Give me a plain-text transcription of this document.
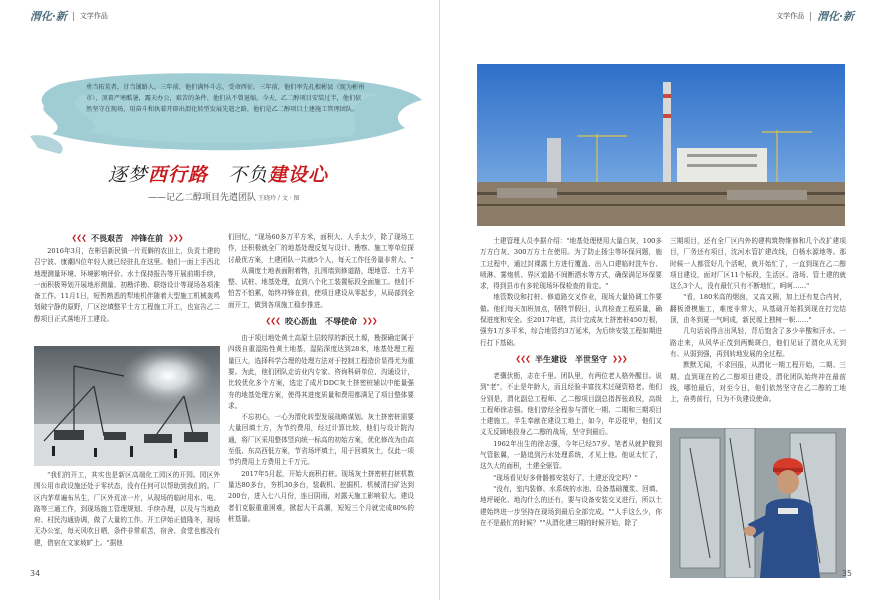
渭化·新 文学作品
勇当拓荒者，甘当铺路人。三年前，他们满怀斗志，受命西征。三年前，他们率先扎根彬县（现为彬州市），顶着严寒酷暑，露天办公，艰苦的条件、他们从不曾退缩。今天，乙二醇项目安装过半，他们依然坚守在现场，用奋斗和执着开辟出渭化转型发展先遣之路，他们是乙二醇项目土建施工管理团队。
逐梦西行路　不负建设心
——记乙二醇项目先遣团队 王晓玲 / 文 · 图
❮❮❮ 不畏艰苦　冲锋在前 ❯❯❯

2016年3月，在彬县新民镇一片荒僻的农田上，负责土建的召宁波、康潮四位年轻人就已经驻扎在这里。他们一面上手西北地理测量环境、环境影响评价、水土保持报告等开展前期手续，一面积极筹划开展地形测量、初勘详勘、联络设计等现场各项准备工作。11月1日，短暂熟悉的犁地机伴随着大型施工机械轰鸣划破宁静的原野，厂区挖填整平土方工程施工开工，也宣告乙二醇项目正式落地开工建设。

"我们的开工，其实也是新区高端化工园区的开园。园区外围公用市政设施还处于零状态，没有任何可以帮助到我们的。厂区内茅草遍布丛生，厂区外荒凉一片，从现场的临时用水、电、路等三通工作，到现场施工管理规划、手续办理，以及与当地政府、村民沟通协调，做了大量的工作。开工伊始正值隆冬，现场无办公室，每天风吹日晒，条件非常艰苦，宿舍、食堂也都没有建，借宿在文家坡旷上。"据他

们回忆，"现场60多万平方米，面积大、人手太少，除了现场工作，还积极就全厂的地基处理反复与设计、勘察、施工等单位探讨最优方案，土建团队一共就5个人，每天工作任务量非常大。"

从调度土地表面附着物，扎围墙到修道路，理地管、土方平整、试桩、地基处理，直到八个化工装置标段全面施工。他们不怕苦不怕累，始终冲锋在前，使项目建设从零起步，从局部到全面开工，做到各项施工稳步推进。

❮❮❮ 咬心沥血　不辱使命 ❯❯❯

由于项目地处黄土高原土层较厚的新民土塬，勘探确定属于四级自重湿陷性黄土地基，湿陷深度达到28米，地基处理工程量巨大，选择科学合理的处理方法对于控制工程造价显得尤为重要。为此，他们团队走访业内专家、咨询科研单位、沟通设计，比较优化多个方案，选定了成片DDC灰土挤密桩辅以中能量强夯的地基处理方案，使得其进度质量和费用都满足了项目整体要求。

不忘初心，一心为渭化转型发展战略谋划。灰土挤密桩需要大量回填土方，为节约费用，经过计算比较，他们与设计院沟通，将厂区采用整体竖向统一标高的初始方案，优化修改为由高至低、东高西低方案，节省场坪填土，用于回填灰土，仅此一项节约费用上方费用上千万元。

2017年5月起，开始大面积打桩。现场灰土挤密桩打桩机数量达80多台，夯机30多台，装载机、挖掘机、机械清扫矿达到200台，进入七八月份，连日阴雨，对露天施工影响很大。建设者们克服重重困难，掀起大干高潮，短短三个月就完成80%的桩基量。

34
文学作品 渭化·新

土建管理人员李据介绍："地基处理使用大量白灰，100多万方白灰、300万方土在使用。为了防止扬尘等环保问题，施工过程中，通过封裸露土方进行覆盖、出入口建临时洗车台、喷淋、雾炮机、界区道路不间断洒水等方式，确保满足环保要求，得到县市有多轮现场环保检查的肯定。"

地管数设和打桩、修道路交叉作业，现场大量协调工作要做。他们每天加班加点，牺牲节假日，认真检查工程质量，确保进度和安全。至2017年底，共计完成灰土挤密桩450万根，强夯1万多平米，综合地管约3万延米，为后续安装工程如期进行打下基础。

❮❮❮ 半生建设　半世坚守 ❯❯❯

老骥伏枥，志在千里。团队里，有两位老人格外醒目。说到"老"，不止是年龄大，而且经验丰富技术过硬资格老。他们分别是，渭化副总工程师、乙二醇项目副总指挥张政权，高级工程师徐志强。他们曾经全程参与渭化一期、二期和三期项目土建施工，半生奉献在建设工地上，如今，年迈花甲，他们又义无反顾地投身乙二醇的战场，坚守到最后。

1962年出生的徐志强，今年已经57岁。笔者从就护腹到气管胀翼，一路追到污水处理系统，才见上他。他说太忙了，这久大的面积，土建全驱管。

"现场看见好多骨骼都安装好了，土建还没完吗？"

"没有，室内装修、水系统的水池、设备基础覆浆、回填、地坪硬化、地沟什么的还有，要与设备安装交叉进行，所以土建始终进一步坚持在现场到最后全部完成。""人手这么少，你在不是最忙的时候？""从渭化建三期的时候开始，除了

三期项目，还有全厂区内外的建构筑物维修和几个改扩建项目，厂务还有项目，沈河水管扩建改线，白杨水源地等。那时候一人都管好几个活呢，就开始忙了，一直到现在乙二醇项目建设，面对厂区11个标段，生活区、洛场、管土建的就这么3个人，没有最忙只有不断地忙，呵呵……"

"看，180米高的烟囱，又高又圆，加上还有复合内衬，翻板滑模施工，难度非常大，从基础开始抓到现在打完结顶，由冬到夏一气呵成，新民塬上独树一帜……"

几句话说得言出风轻，背后饱含了多少辛酸和汗水。一路走来，从风华正茂到两鬓斑白，他们见证了渭化从无到有、从弱到强，再到转地发展的全过程。

默默无闻，不求回报，从渭化一期工程开始，二期、三期、直到现在的乙二醇项目建设，渭化团队始终冲在最前线，哪怕最后，对至今日，他们依然坚守在乙二醇的工地上，奋勇前行，只为不负建设使命。

35
